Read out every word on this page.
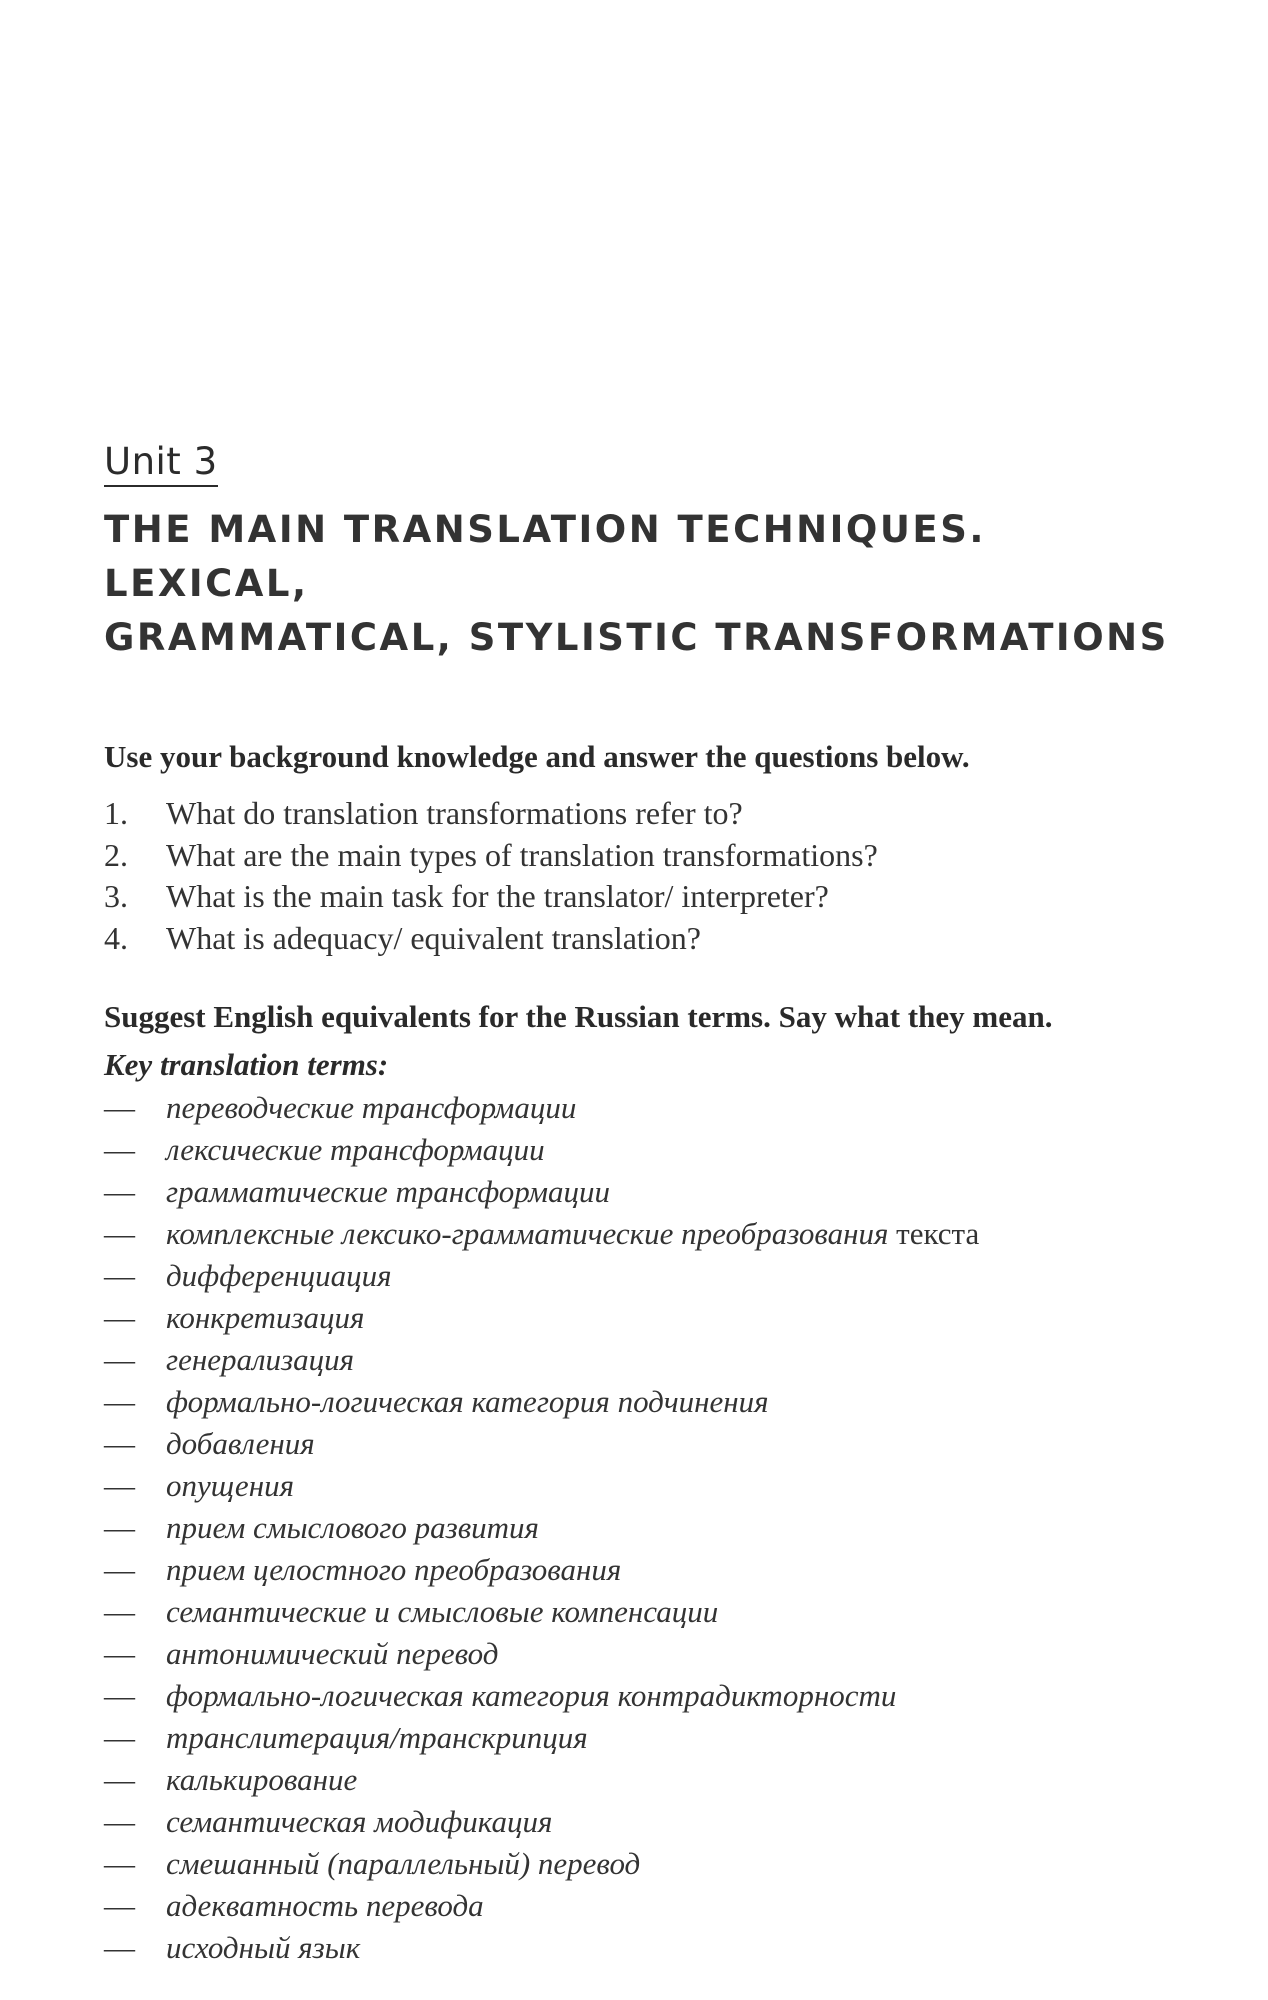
Unit 3
THE MAIN TRANSLATION TECHNIQUES. LEXICAL,
GRAMMATICAL, STYLISTIC TRANSFORMATIONS

Use your background knowledge and answer the questions below.

1.	What do translation transformations refer to?
2.	What are the main types of translation transformations?
3.	What is the main task for the translator/ interpreter?
4.	What is adequacy/ equivalent translation?

Suggest English equivalents for the Russian terms. Say what they mean.

Key translation terms:
—	переводческие трансформации
—	лексические трансформации
—	грамматические трансформации
—	комплексные лексико-грамматические преобразования текста
—	дифференциация
—	конкретизация
—	генерализация
—	формально-логическая категория подчинения
—	добавления
—	опущения
—	прием смыслового развития
—	прием целостного преобразования
—	семантические и смысловые компенсации
—	антонимический перевод
—	формально-логическая категория контрадикторности
—	транслитерация/транскрипция
—	калькирование
—	семантическая модификация
—	смешанный (параллельный) перевод
—	адекватность перевода
—	исходный язык
